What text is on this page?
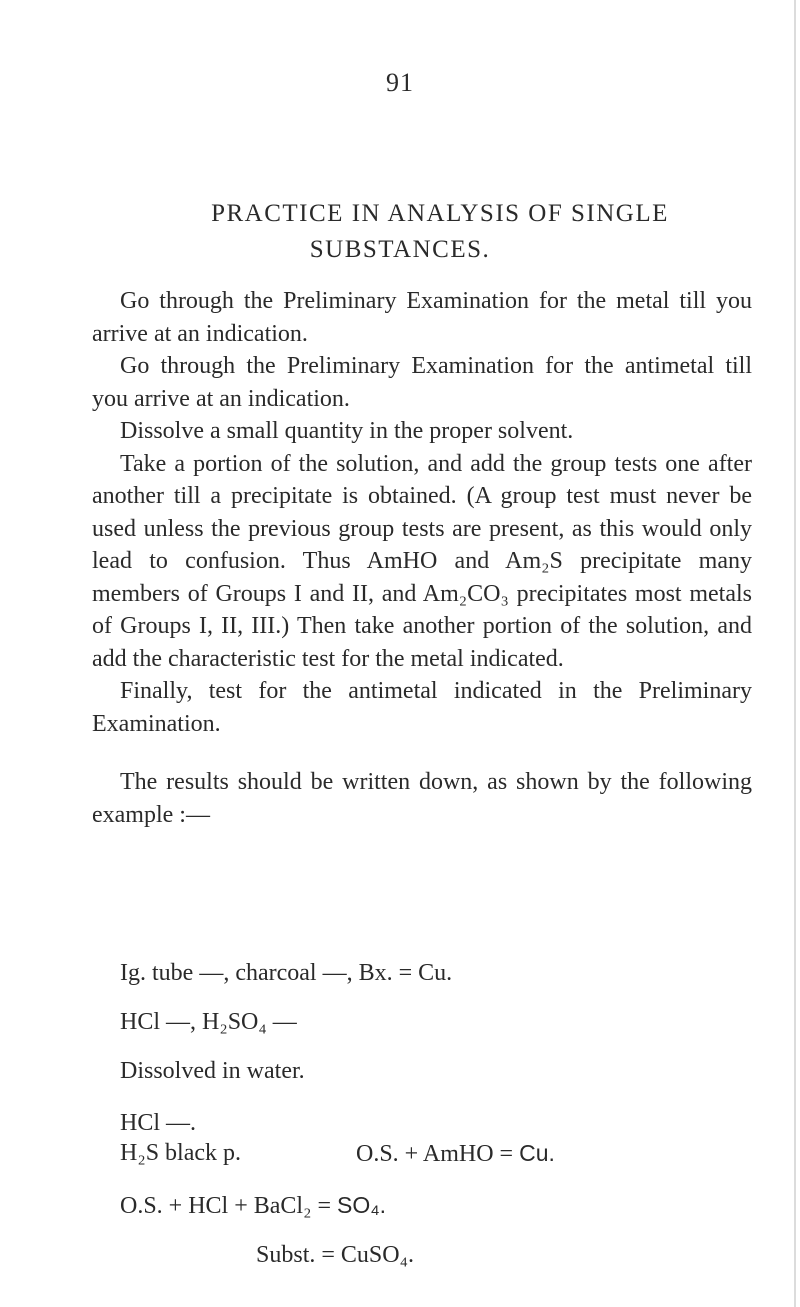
91
PRACTICE IN ANALYSIS OF SINGLE
SUBSTANCES.

Go through the Preliminary Examination for the metal till you arrive at an indication.

Go through the Preliminary Examination for the antimetal till you arrive at an indication.

Dissolve a small quantity in the proper solvent.

Take a portion of the solution, and add the group tests one after another till a precipitate is obtained. (A group test must never be used unless the previous group tests are present, as this would only lead to confusion. Thus AmHO and Am₂S precipitate many members of Groups I and II, and Am₂CO₃ precipitates most metals of Groups I, II, III.) Then take another portion of the solution, and add the characteristic test for the metal indicated.

Finally, test for the antimetal indicated in the Preliminary Examination.

The results should be written down, as shown by the following example :—

Ig. tube —, charcoal —, Bx. = Cu.
HCl —, H₂SO₄ —
Dissolved in water.
HCl —.
H₂S black p.	O.S. + AmHO = Cu.
O.S. + HCl + BaCl₂ = SO₄.
Subst. = CuSO₄.
